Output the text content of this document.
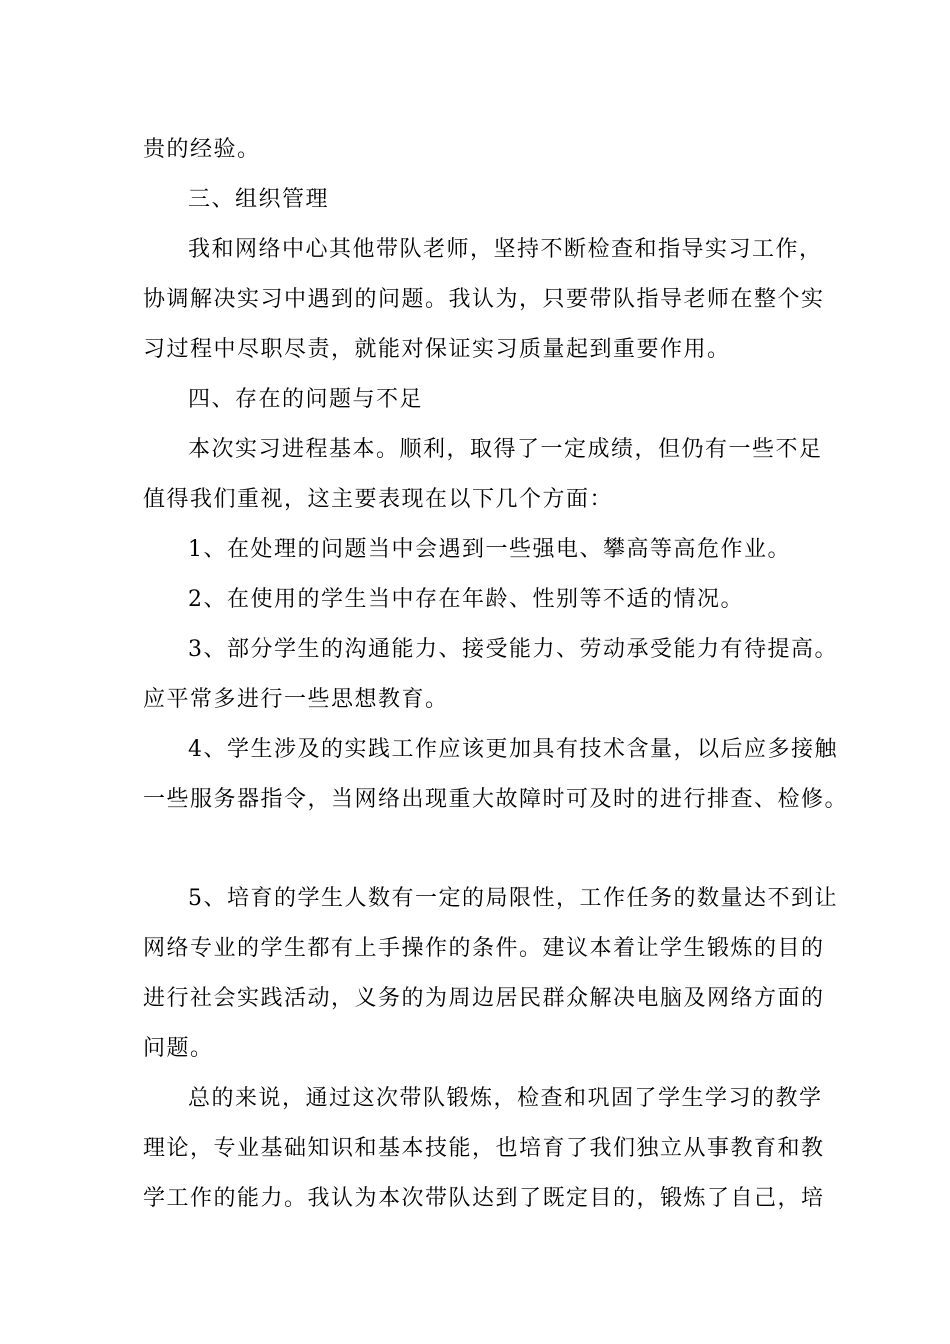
贵的经验。
三、组织管理
我和网络中心其他带队老师，坚持不断检查和指导实习工作，
协调解决实习中遇到的问题。我认为，只要带队指导老师在整个实
习过程中尽职尽责，就能对保证实习质量起到重要作用。
四、存在的问题与不足
本次实习进程基本。顺利，取得了一定成绩，但仍有一些不足
值得我们重视，这主要表现在以下几个方面：
1、在处理的问题当中会遇到一些强电、攀高等高危作业。
2、在使用的学生当中存在年龄、性别等不适的情况。
3、部分学生的沟通能力、接受能力、劳动承受能力有待提高。
应平常多进行一些思想教育。
4、学生涉及的实践工作应该更加具有技术含量，以后应多接触
一些服务器指令，当网络出现重大故障时可及时的进行排查、检修。
5、培育的学生人数有一定的局限性，工作任务的数量达不到让
网络专业的学生都有上手操作的条件。建议本着让学生锻炼的目的
进行社会实践活动，义务的为周边居民群众解决电脑及网络方面的
问题。
总的来说，通过这次带队锻炼，检查和巩固了学生学习的教学
理论，专业基础知识和基本技能，也培育了我们独立从事教育和教
学工作的能力。我认为本次带队达到了既定目的，锻炼了自己，培
